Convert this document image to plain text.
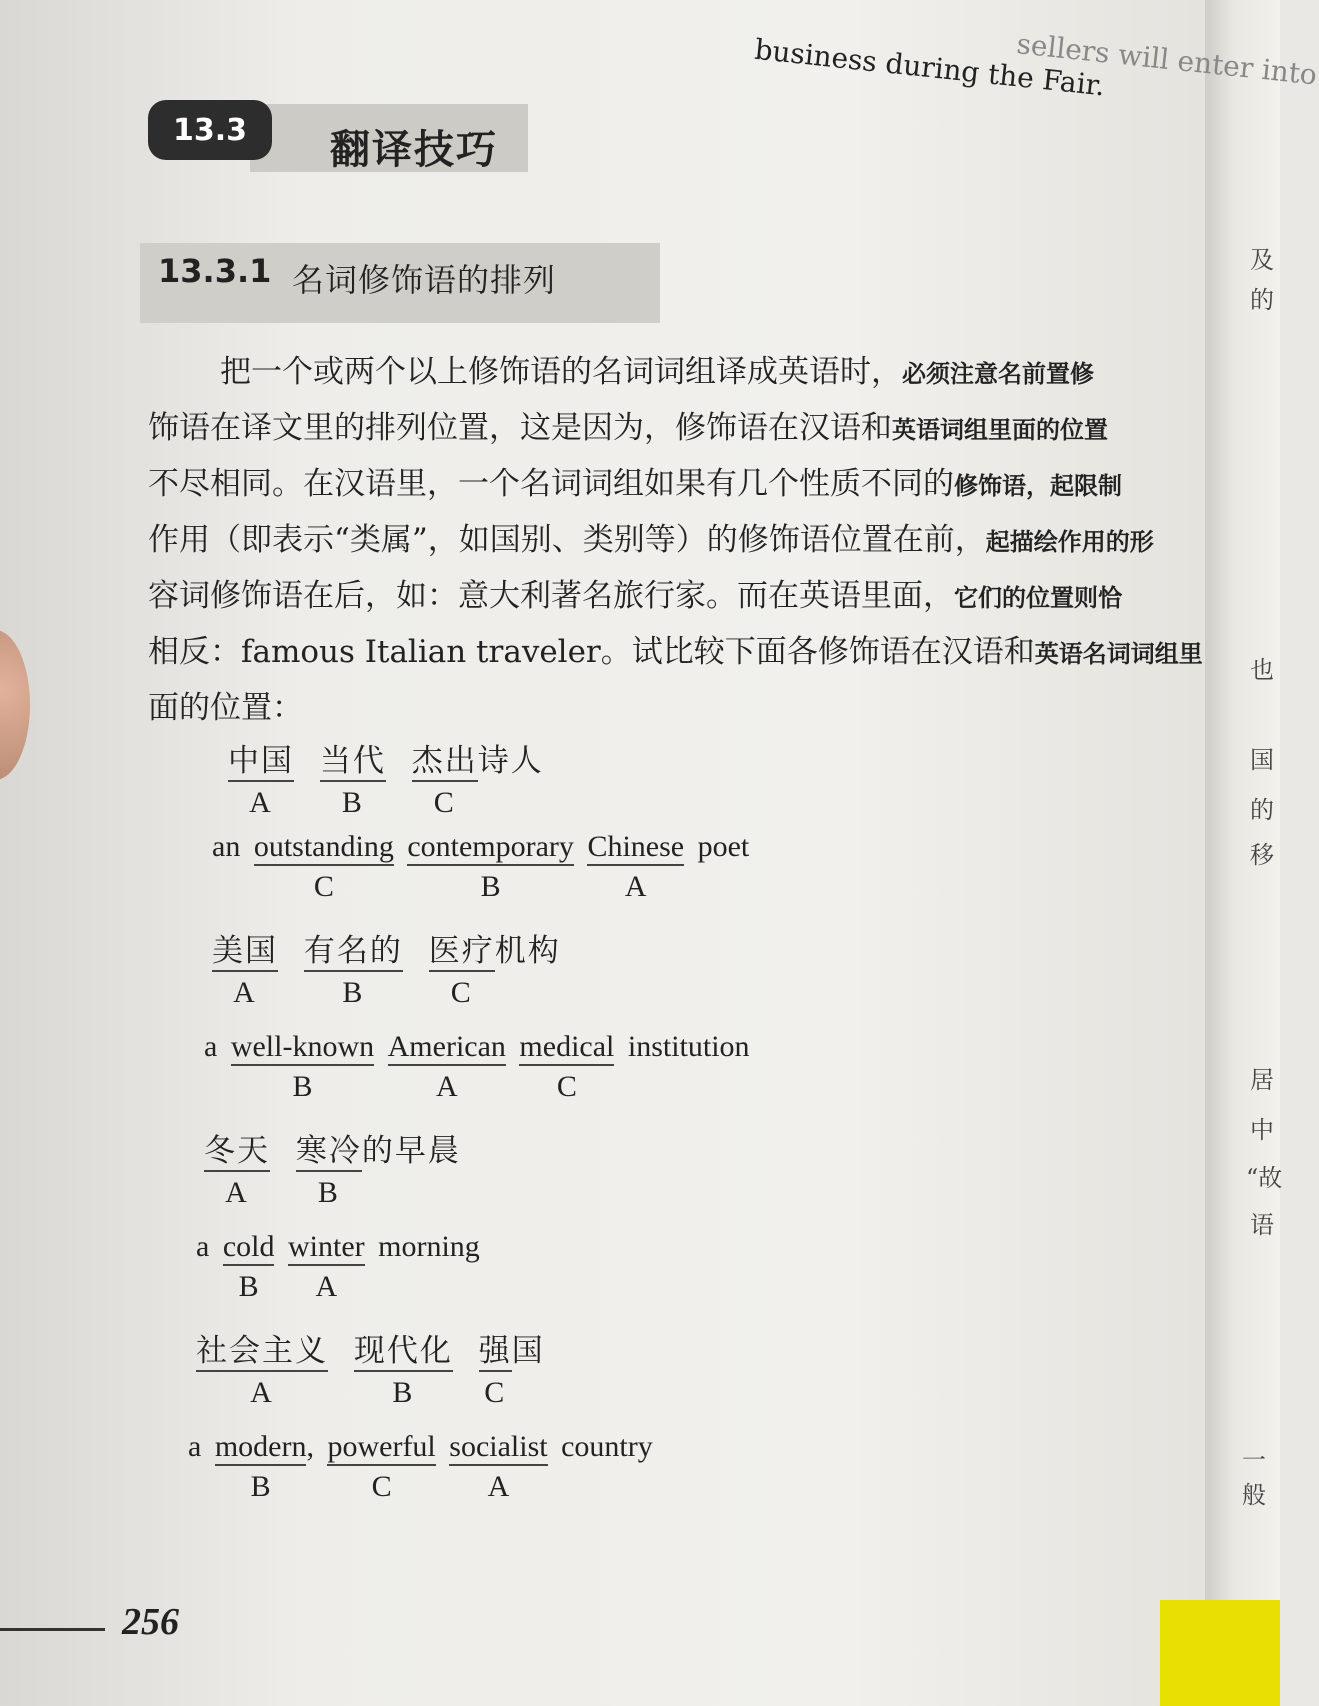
sellers will enter into
business during the Fair.
13.3	翻译技巧
13.3.1 名词修饰语的排列
把一个或两个以上修饰语的名词词组译成英语时，必须注意名前置修
饰语在译文里的排列位置，这是因为，修饰语在汉语和英语词组里面的位置
不尽相同。在汉语里，一个名词词组如果有几个性质不同的修饰语，起限制
作用（即表示“类属”，如国别、类别等）的修饰语位置在前，起描绘作用的形
容词修饰语在后，如：意大利著名旅行家。而在英语里面，它们的位置则恰
相反：famous Italian traveler。试比较下面各修饰语在汉语和英语名词词组里
面的位置：
中国
A
当代
B
杰出
C
诗人
an outstanding
C
contemporary
B
Chinese
A
poet
美国
A
有名的
B
医疗
C
机构
a well-known
B
American
A
medical
C
institution
冬天
A
寒冷
B
的早晨
a cold
B
winter
A
morning
社会主义
A
现代化
B
强
C
国
a modern
B
, powerful
C
socialist
A
country
及
的
也
国
的
移
居
中
“故
语
一般
256
